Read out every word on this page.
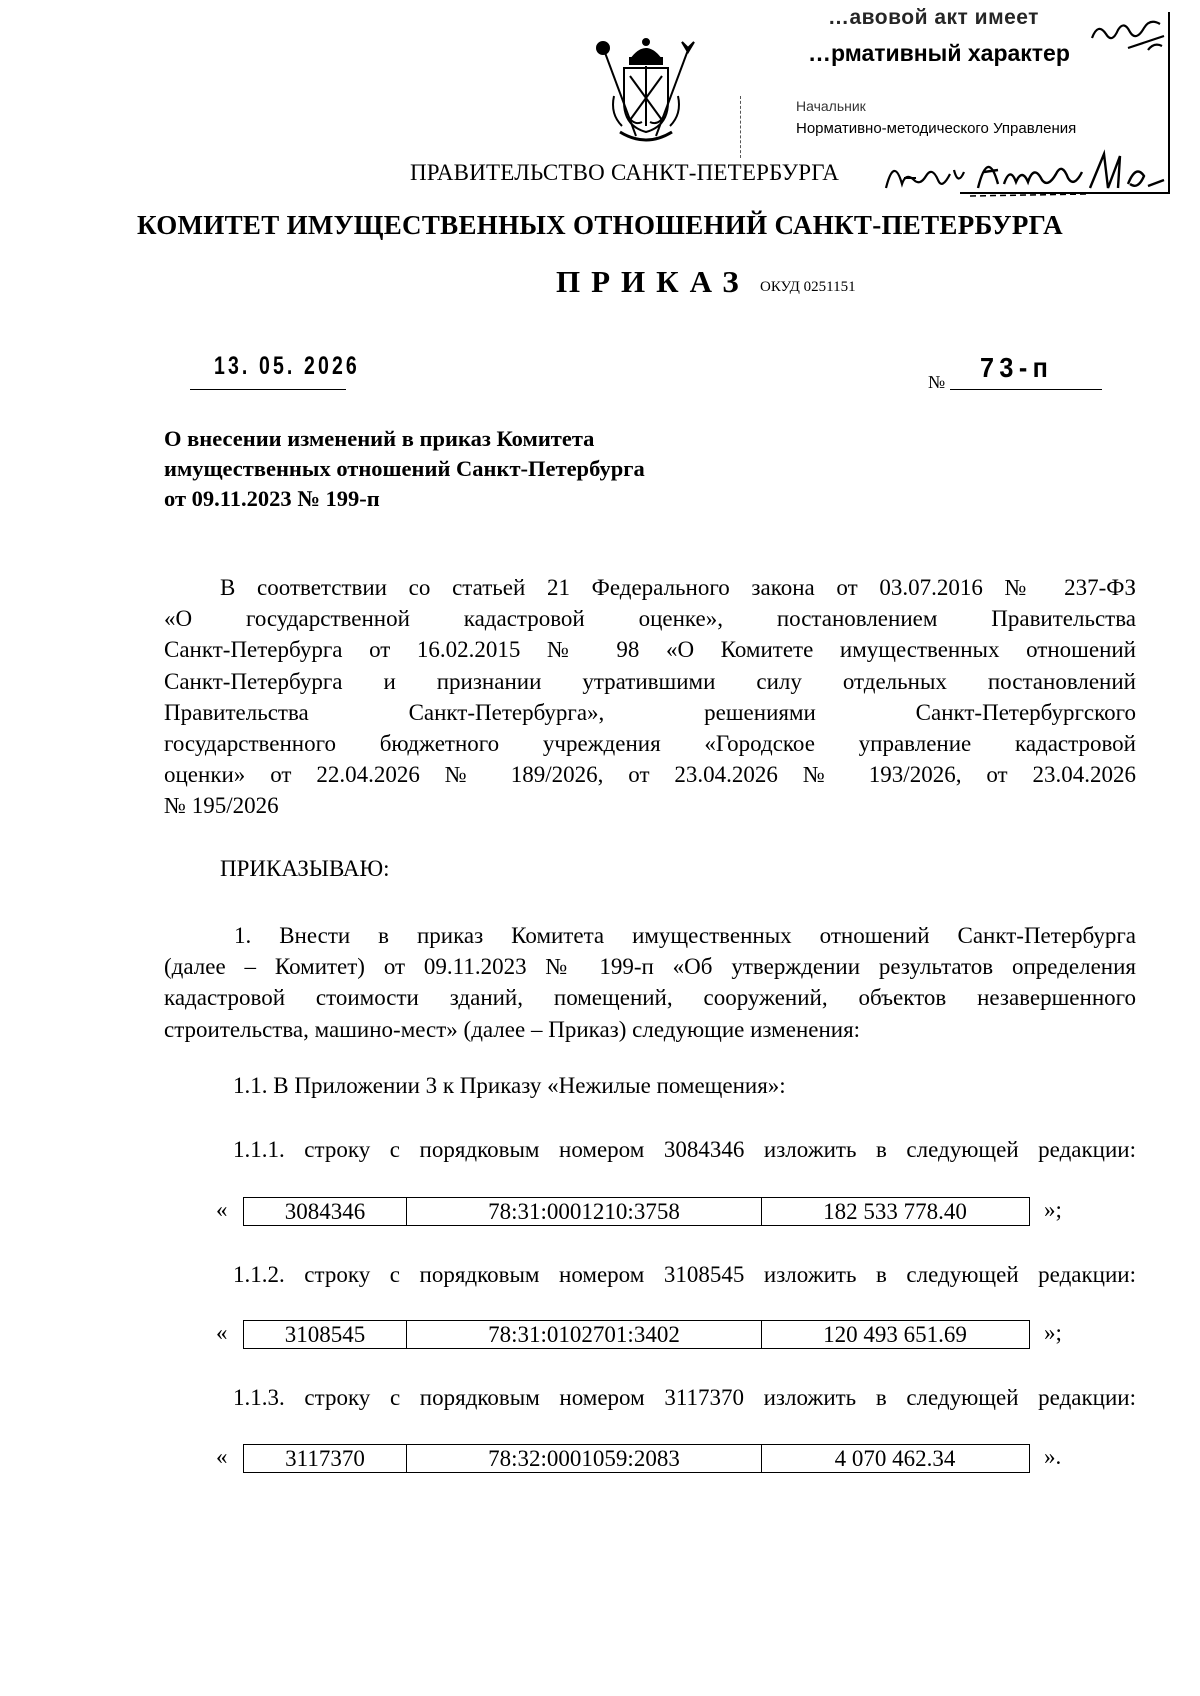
…авовой акт имеет
…рмативный характер
Начальник
Нормативно-методического Управления
ПРАВИТЕЛЬСТВО САНКТ-ПЕТЕРБУРГА
КОМИТЕТ ИМУЩЕСТВЕННЫХ ОТНОШЕНИЙ САНКТ-ПЕТЕРБУРГА
ПРИКАЗ ОКУД 0251151
13. 05. 2026
№ 73-п
О внесении изменений в приказ Комитета
имущественных отношений Санкт-Петербурга
от 09.11.2023 № 199-п
В соответствии со статьей 21 Федерального закона от 03.07.2016 № 237-ФЗ
«О государственной кадастровой оценке», постановлением Правительства
Санкт-Петербурга от 16.02.2015 № 98 «О Комитете имущественных отношений
Санкт-Петербурга и признании утратившими силу отдельных постановлений
Правительства Санкт-Петербурга», решениями Санкт-Петербургского
государственного бюджетного учреждения «Городское управление кадастровой
оценки» от 22.04.2026 № 189/2026, от 23.04.2026 № 193/2026, от 23.04.2026
№ 195/2026
ПРИКАЗЫВАЮ:
1. Внести в приказ Комитета имущественных отношений Санкт-Петербурга
(далее – Комитет) от 09.11.2023 № 199-п «Об утверждении результатов определения
кадастровой стоимости зданий, помещений, сооружений, объектов незавершенного
строительства, машино-мест» (далее – Приказ) следующие изменения:
1.1. В Приложении 3 к Приказу «Нежилые помещения»:
1.1.1. строку с порядковым номером 3084346 изложить в следующей редакции:
«	3084346	78:31:0001210:3758	182 533 778.40	»;
1.1.2. строку с порядковым номером 3108545 изложить в следующей редакции:
«	3108545	78:31:0102701:3402	120 493 651.69	»;
1.1.3. строку с порядковым номером 3117370 изложить в следующей редакции:
«	3117370	78:32:0001059:2083	4 070 462.34	».
